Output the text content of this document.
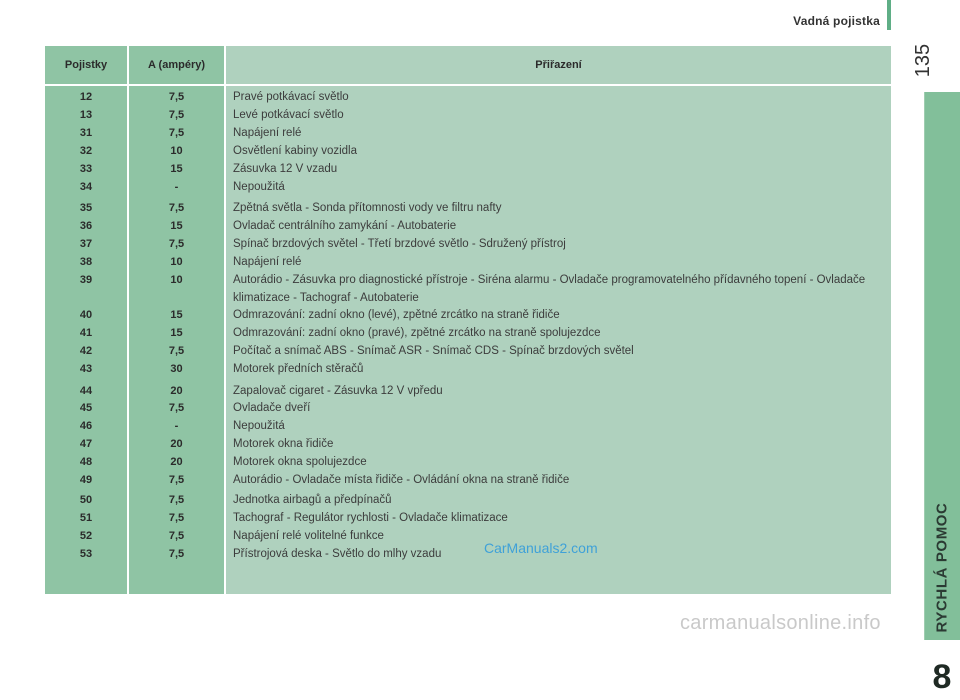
Vadná pojistka
135
RYCHLÁ POMOC
8
Pojistky	A (ampéry)	Přiřazení
12	7,5	Pravé potkávací světlo
13	7,5	Levé potkávací světlo
31	7,5	Napájení relé
32	10	Osvětlení kabiny vozidla
33	15	Zásuvka 12 V vzadu
34	-	Nepoužitá
35	7,5	Zpětná světla - Sonda přítomnosti vody ve filtru nafty
36	15	Ovladač centrálního zamykání - Autobaterie
37	7,5	Spínač brzdových světel - Třetí brzdové světlo - Sdružený přístroj
38	10	Napájení relé
39	10	Autorádio - Zásuvka pro diagnostické přístroje - Siréna alarmu - Ovladače programovatelného přídavného topení - Ovladače klimatizace - Tachograf - Autobaterie
40	15	Odmrazování: zadní okno (levé), zpětné zrcátko na straně řidiče
41	15	Odmrazování: zadní okno (pravé), zpětné zrcátko na straně spolujezdce
42	7,5	Počítač a snímač ABS - Snímač ASR - Snímač CDS - Spínač brzdových světel
43	30	Motorek předních stěračů
44	20	Zapalovač cigaret - Zásuvka 12 V vpředu
45	7,5	Ovladače dveří
46	-	Nepoužitá
47	20	Motorek okna řidiče
48	20	Motorek okna spolujezdce
49	7,5	Autorádio - Ovladače místa řidiče - Ovládání okna na straně řidiče
50	7,5	Jednotka airbagů a předpínačů
51	7,5	Tachograf - Regulátor rychlosti - Ovladače klimatizace
52	7,5	Napájení relé volitelné funkce
53	7,5	Přístrojová deska - Světlo do mlhy vzadu	CarManuals2.com
carmanualsonline.info
